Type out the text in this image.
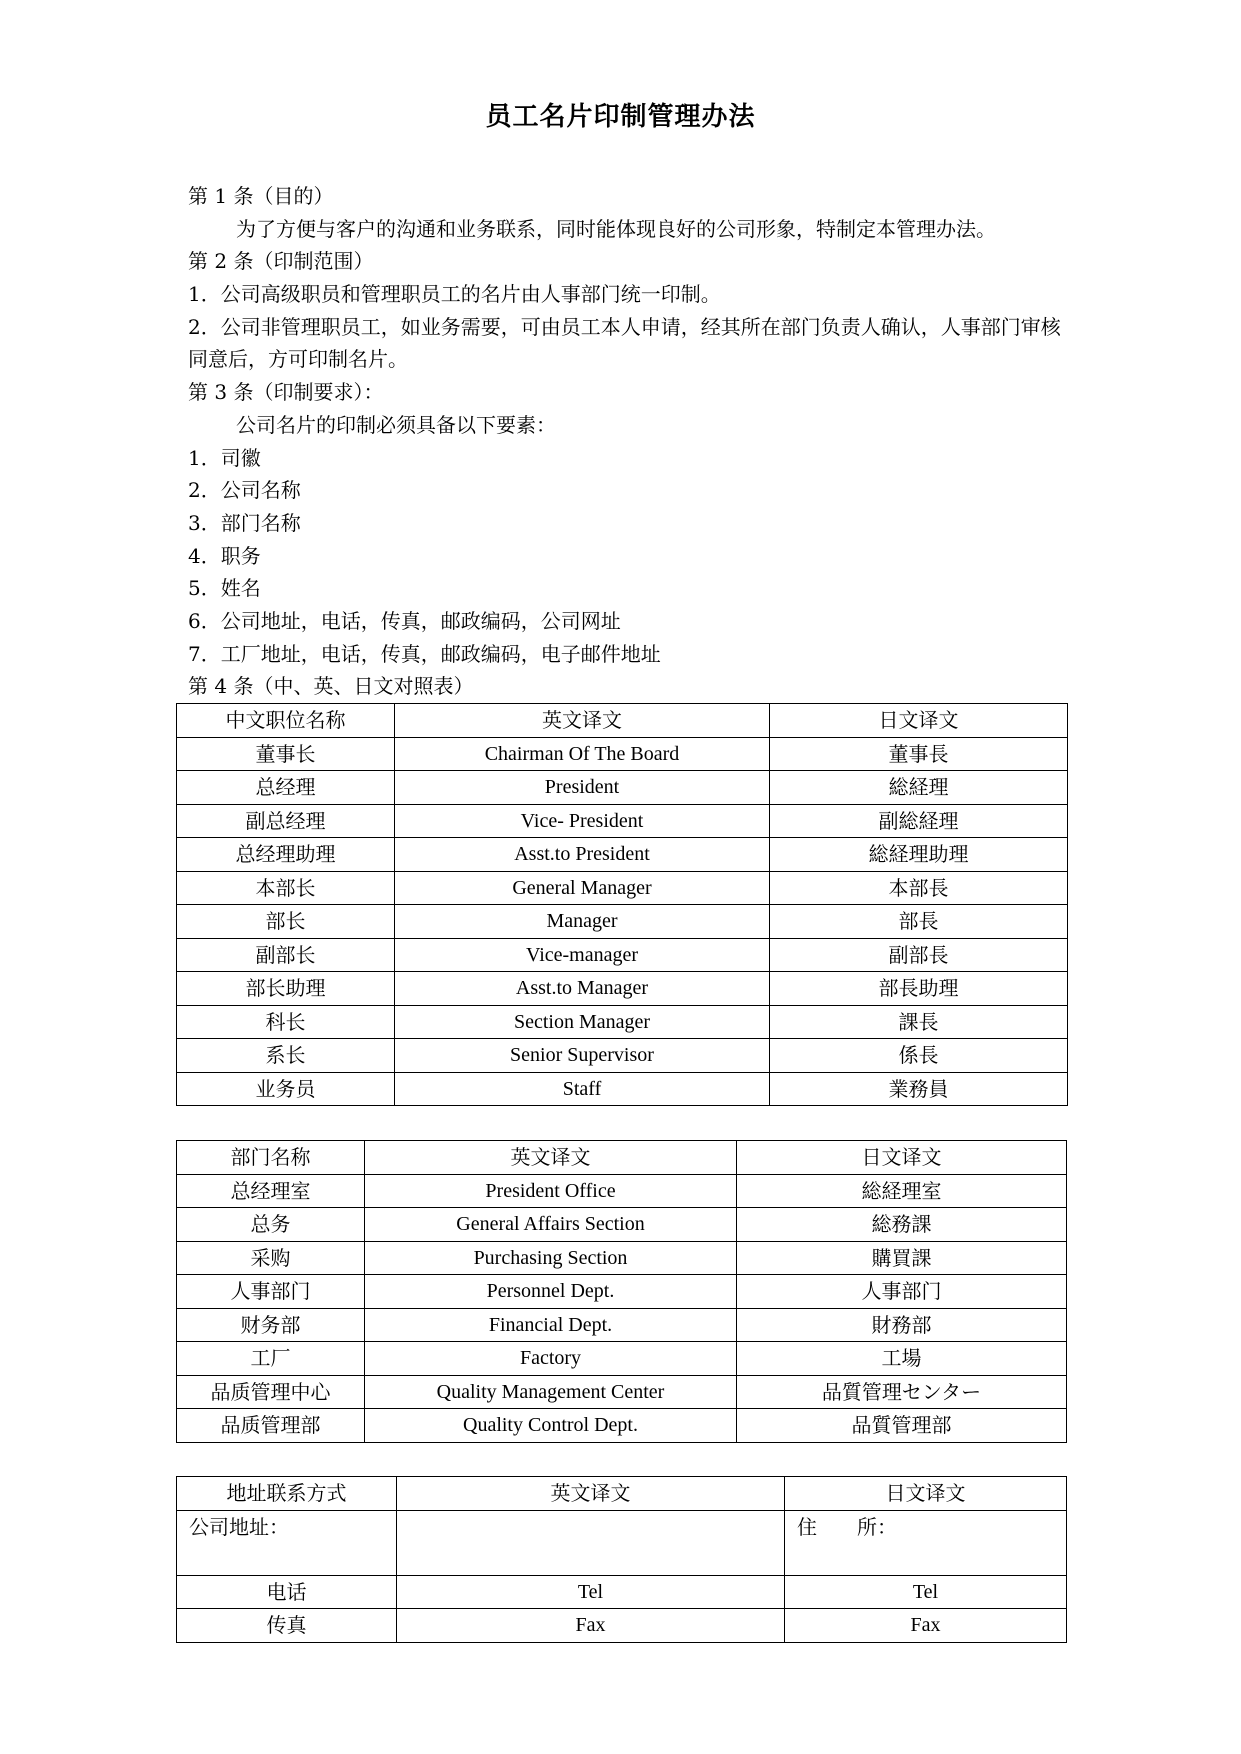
员工名片印制管理办法
第 1 条（目的）
为了方便与客户的沟通和业务联系，同时能体现良好的公司形象，特制定本管理办法。
第 2 条（印制范围）
1．公司高级职员和管理职员工的名片由人事部门统一印制。
2．公司非管理职员工，如业务需要，可由员工本人申请，经其所在部门负责人确认，人事部门审核同意后，方可印制名片。
第 3 条（印制要求）：
公司名片的印制必须具备以下要素：
1．司徽
2．公司名称
3．部门名称
4．职务
5．姓名
6．公司地址，电话，传真，邮政编码，公司网址
7．工厂地址，电话，传真，邮政编码，电子邮件地址
第 4 条（中、英、日文对照表）
中文职位名称	英文译文	日文译文
董事长	Chairman Of The Board	董事長
总经理	President	総経理
副总经理	Vice- President	副総経理
总经理助理	Asst.to President	総経理助理
本部长	General Manager	本部長
部长	Manager	部長
副部长	Vice-manager	副部長
部长助理	Asst.to Manager	部長助理
科长	Section Manager	課長
系长	Senior Supervisor	係長
业务员	Staff	業務員
部门名称	英文译文	日文译文
总经理室	President Office	総経理室
总务	General Affairs Section	総務課
采购	Purchasing Section	購買課
人事部门	Personnel Dept.	人事部门
财务部	Financial Dept.	財務部
工厂	Factory	工場
品质管理中心	Quality Management Center	品質管理センター
品质管理部	Quality Control Dept.	品質管理部
地址联系方式	英文译文	日文译文
公司地址：		住　　所：
电话	Tel	Tel
传真	Fax	Fax
